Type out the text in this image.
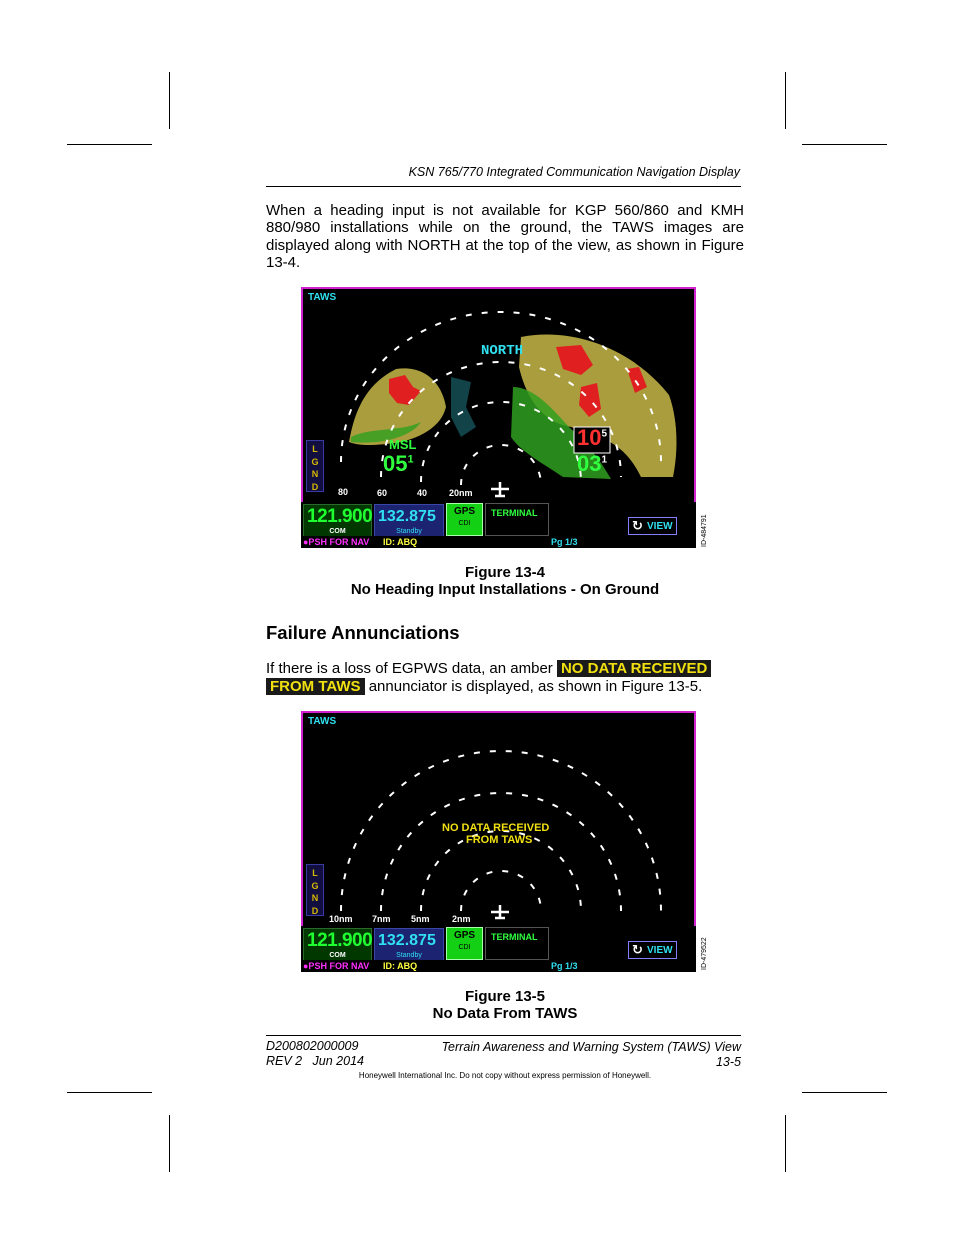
KSN 765/770 Integrated Communication Navigation Display
When a heading input is not available for KGP 560/860 and KMH 880/980 installations while on the ground, the TAWS images are displayed along with NORTH at the top of the view, as shown in Figure 13-4.
TAWS
NORTH
MSL
$05^1$
$10^5$
$03^1$
L
G
N
D
80	60	40 20nm
121.900
COM
132.875
Standby
GPS
CDI
TERMINAL
↻ VIEW
●PSH FOR NAV ID: ABQ	Pg 1/3	ID-484791
Figure 13-4
No Heading Input Installations - On Ground
Failure Annunciations
If there is a loss of EGPWS data, an amber NO DATA RECEIVED
FROM TAWS annunciator is displayed, as shown in Figure 13-5.
TAWS
NO DATA RECEIVED
FROM TAWS
L
G
N
D
10nm 7nm 5nm 2nm
121.900
COM
132.875
Standby
GPS
CDI
TERMINAL
↻ VIEW
●PSH FOR NAV ID: ABQ	Pg 1/3	ID-479522
Figure 13-5
No Data From TAWS
D200802000009
REV 2   Jun 2014
Terrain Awareness and Warning System (TAWS) View
13-5
Honeywell International Inc. Do not copy without express permission of Honeywell.
